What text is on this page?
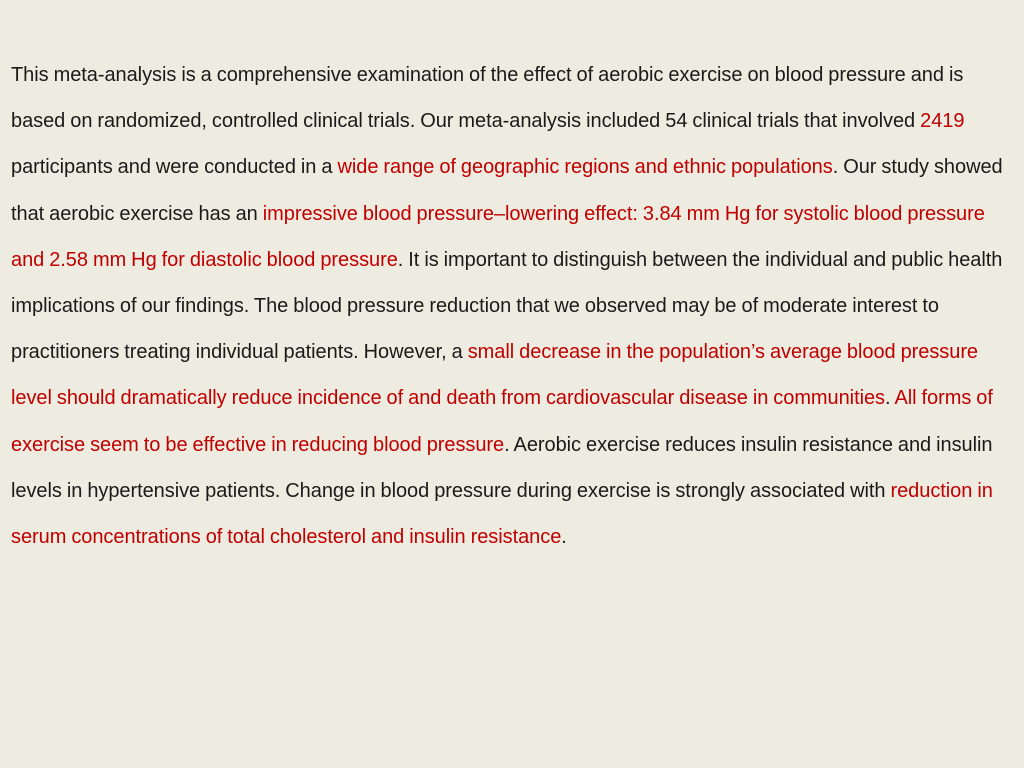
This meta-analysis is a comprehensive examination of the effect of aerobic exercise on blood pressure and is based on randomized, controlled clinical trials. Our meta-analysis included 54 clinical trials that involved 2419 participants and were conducted in a wide range of geographic regions and ethnic populations. Our study showed that aerobic exercise has an impressive blood pressure–lowering effect: 3.84 mm Hg for systolic blood pressure and 2.58 mm Hg for diastolic blood pressure. It is important to distinguish between the individual and public health implications of our findings. The blood pressure reduction that we observed may be of moderate interest to practitioners treating individual patients. However, a small decrease in the population’s average blood pressure level should dramatically reduce incidence of and death from cardiovascular disease in communities. All forms of exercise seem to be effective in reducing blood pressure. Aerobic exercise reduces insulin resistance and insulin levels in hypertensive patients. Change in blood pressure during exercise is strongly associated with reduction in serum concentrations of total cholesterol and insulin resistance.
